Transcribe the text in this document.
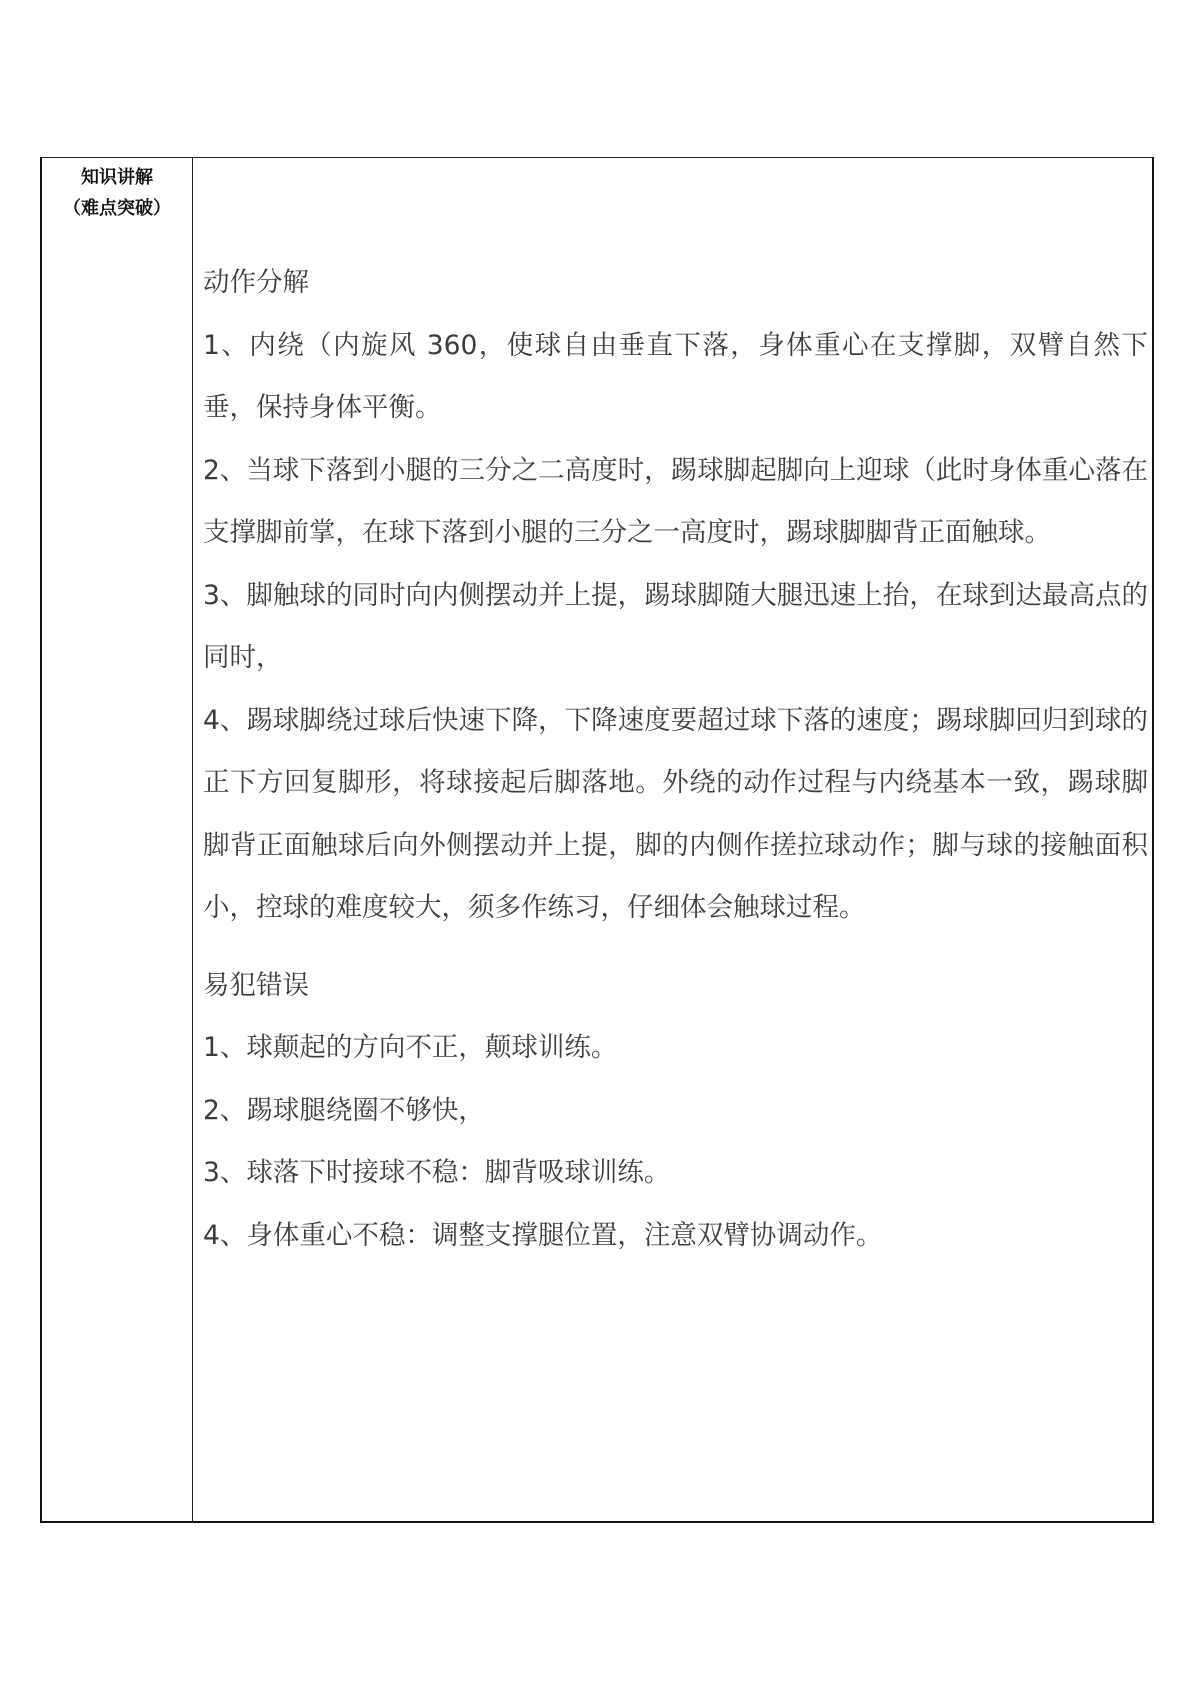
知识讲解
（难点突破）

动作分解

1、内绕（内旋风 360，使球自由垂直下落，身体重心在支撑脚，双臂自然下垂，保持身体平衡。

2、当球下落到小腿的三分之二高度时，踢球脚起脚向上迎球（此时身体重心落在支撑脚前掌，在球下落到小腿的三分之一高度时，踢球脚脚背正面触球。

3、脚触球的同时向内侧摆动并上提，踢球脚随大腿迅速上抬，在球到达最高点的同时，

4、踢球脚绕过球后快速下降，下降速度要超过球下落的速度；踢球脚回归到球的正下方回复脚形，将球接起后脚落地。外绕的动作过程与内绕基本一致，踢球脚脚背正面触球后向外侧摆动并上提，脚的内侧作搓拉球动作；脚与球的接触面积小，控球的难度较大，须多作练习，仔细体会触球过程。

易犯错误

1、球颠起的方向不正，颠球训练。

2、踢球腿绕圈不够快，

3、球落下时接球不稳：脚背吸球训练。

4、身体重心不稳：调整支撑腿位置，注意双臂协调动作。
